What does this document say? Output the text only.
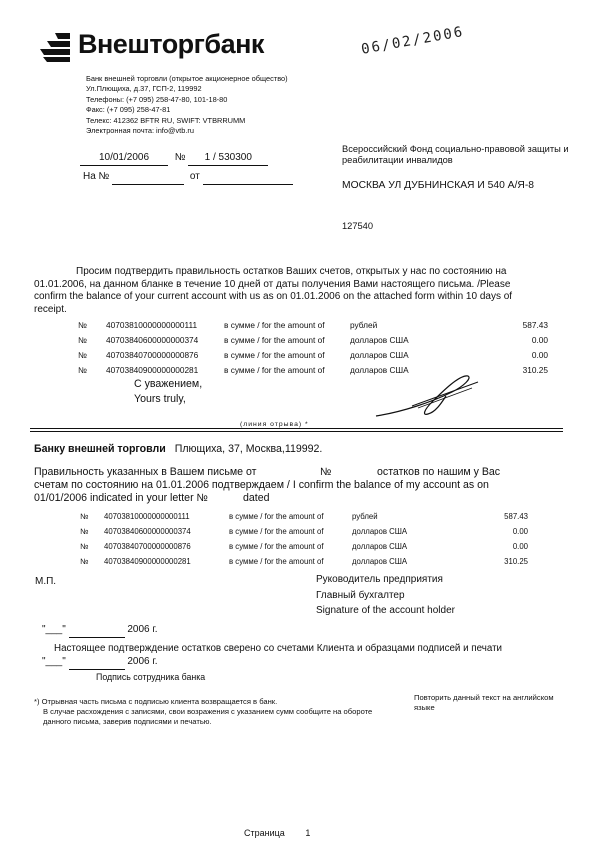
Внешторгбанк
Банк внешней торговли (открытое акционерное общество)
Ул.Плющиха, д.37, ГСП-2, 119992
Телефоны: (+7 095) 258-47-80, 101-18-80
Факс: (+7 095) 258-47-81
Телекс: 412362 BFTR RU, SWIFT: VTBRRUMM
Электронная почта: info@vtb.ru
06/02/2006
10/01/2006	№ 1 / 530300
На №	от
Всероссийский Фонд социально-правовой защиты и
реабилитации инвалидов
МОСКВА УЛ ДУБНИНСКАЯ И 540 А/Я-8
127540
Просим подтвердить правильность остатков Ваших счетов, открытых у нас по состоянию на
01.01.2006, на данном бланке в течение 10 дней от даты получения Вами настоящего письма. /Please
confirm the balance of your current account with us as on 01.01.2006 on the attached form within 10 days of
receipt.
№ 40703810000000000111	в сумме / for the amount of	рублей	587.43
№ 40703840600000000374	в сумме / for the amount of	долларов США	0.00
№ 40703840700000000876	в сумме / for the amount of	долларов США	0.00
№ 40703840900000000281	в сумме / for the amount of	долларов США	310.25
С уважением,
Yours truly,
(линия отрыва) *
Банку внешней торговли Плющиха, 37, Москва,119992.
Правильность указанных в Вашем письме от	№	остатков по нашим у Вас
счетам по состоянию на 01.01.2006 подтверждаем / I confirm the balance of my account as on
01/01/2006 indicated in your letter №	dated
№ 40703810000000000111	в сумме / for the amount of	рублей	587.43
№ 40703840600000000374	в сумме / for the amount of	долларов США	0.00
№ 40703840700000000876	в сумме / for the amount of	долларов США	0.00
№ 40703840900000000281	в сумме / for the amount of	долларов США	310.25
М.П.	Руководитель предприятия
Главный бухгалтер
Signature of the account holder
"___"	2006 г.
Настоящее подтверждение остатков сверено со счетами Клиента и образцами подписей и печати
"___"	2006 г.
Подпись сотрудника банка
*) Отрывная часть письма с подписью клиента возвращается в банк.
В случае расхождения с записями, свои возражения с указанием сумм сообщите на обороте
данного письма, заверив подписями и печатью.
Повторить данный текст на английском
языке
Страница 1
